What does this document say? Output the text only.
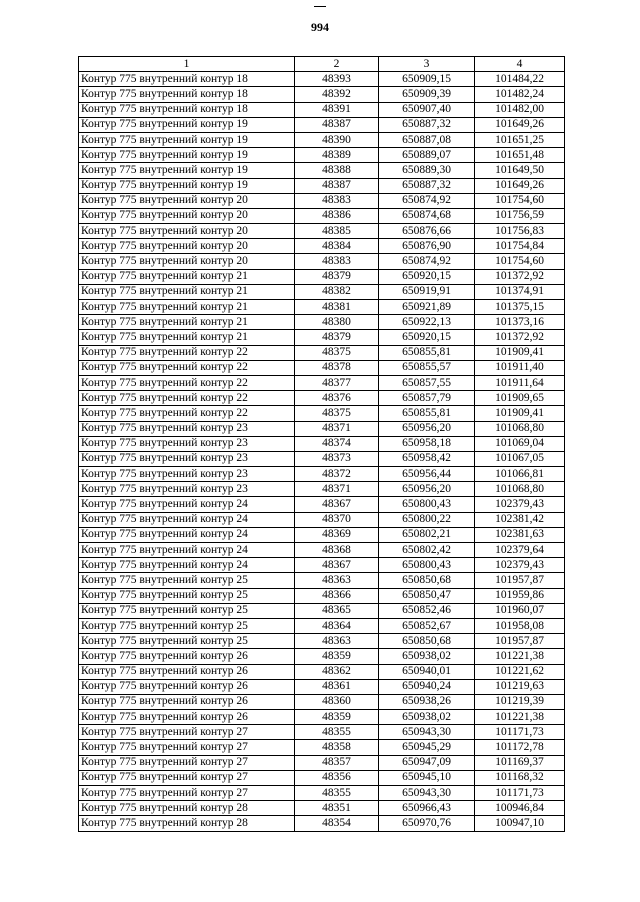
994
1	2	3	4
Контур 775 внутренний контур 18	48393	650909,15	101484,22
Контур 775 внутренний контур 18	48392	650909,39	101482,24
Контур 775 внутренний контур 18	48391	650907,40	101482,00
Контур 775 внутренний контур 19	48387	650887,32	101649,26
Контур 775 внутренний контур 19	48390	650887,08	101651,25
Контур 775 внутренний контур 19	48389	650889,07	101651,48
Контур 775 внутренний контур 19	48388	650889,30	101649,50
Контур 775 внутренний контур 19	48387	650887,32	101649,26
Контур 775 внутренний контур 20	48383	650874,92	101754,60
Контур 775 внутренний контур 20	48386	650874,68	101756,59
Контур 775 внутренний контур 20	48385	650876,66	101756,83
Контур 775 внутренний контур 20	48384	650876,90	101754,84
Контур 775 внутренний контур 20	48383	650874,92	101754,60
Контур 775 внутренний контур 21	48379	650920,15	101372,92
Контур 775 внутренний контур 21	48382	650919,91	101374,91
Контур 775 внутренний контур 21	48381	650921,89	101375,15
Контур 775 внутренний контур 21	48380	650922,13	101373,16
Контур 775 внутренний контур 21	48379	650920,15	101372,92
Контур 775 внутренний контур 22	48375	650855,81	101909,41
Контур 775 внутренний контур 22	48378	650855,57	101911,40
Контур 775 внутренний контур 22	48377	650857,55	101911,64
Контур 775 внутренний контур 22	48376	650857,79	101909,65
Контур 775 внутренний контур 22	48375	650855,81	101909,41
Контур 775 внутренний контур 23	48371	650956,20	101068,80
Контур 775 внутренний контур 23	48374	650958,18	101069,04
Контур 775 внутренний контур 23	48373	650958,42	101067,05
Контур 775 внутренний контур 23	48372	650956,44	101066,81
Контур 775 внутренний контур 23	48371	650956,20	101068,80
Контур 775 внутренний контур 24	48367	650800,43	102379,43
Контур 775 внутренний контур 24	48370	650800,22	102381,42
Контур 775 внутренний контур 24	48369	650802,21	102381,63
Контур 775 внутренний контур 24	48368	650802,42	102379,64
Контур 775 внутренний контур 24	48367	650800,43	102379,43
Контур 775 внутренний контур 25	48363	650850,68	101957,87
Контур 775 внутренний контур 25	48366	650850,47	101959,86
Контур 775 внутренний контур 25	48365	650852,46	101960,07
Контур 775 внутренний контур 25	48364	650852,67	101958,08
Контур 775 внутренний контур 25	48363	650850,68	101957,87
Контур 775 внутренний контур 26	48359	650938,02	101221,38
Контур 775 внутренний контур 26	48362	650940,01	101221,62
Контур 775 внутренний контур 26	48361	650940,24	101219,63
Контур 775 внутренний контур 26	48360	650938,26	101219,39
Контур 775 внутренний контур 26	48359	650938,02	101221,38
Контур 775 внутренний контур 27	48355	650943,30	101171,73
Контур 775 внутренний контур 27	48358	650945,29	101172,78
Контур 775 внутренний контур 27	48357	650947,09	101169,37
Контур 775 внутренний контур 27	48356	650945,10	101168,32
Контур 775 внутренний контур 27	48355	650943,30	101171,73
Контур 775 внутренний контур 28	48351	650966,43	100946,84
Контур 775 внутренний контур 28	48354	650970,76	100947,10
